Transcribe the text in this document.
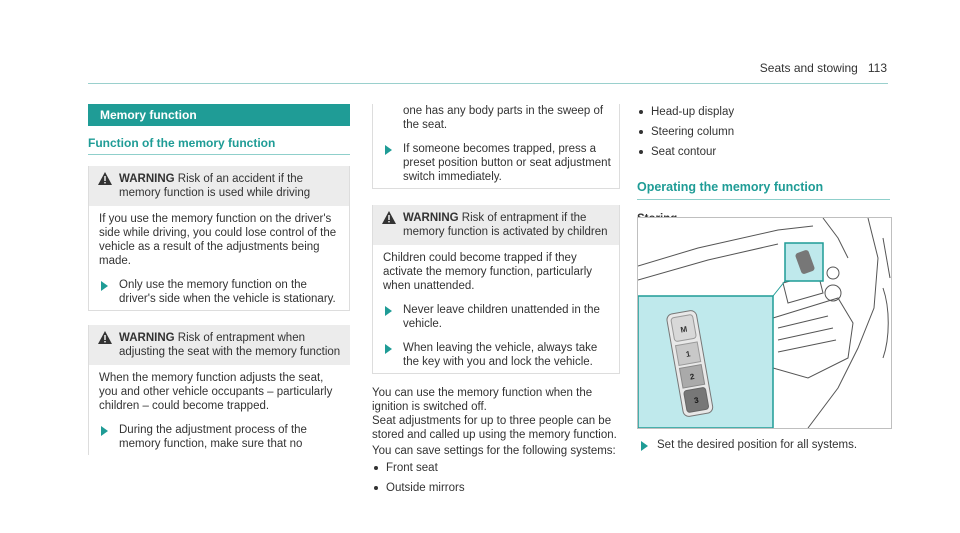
Seats and stowing 113
Memory function
Function of the memory function
WARNING Risk of an accident if the memory function is used while driving
If you use the memory function on the driver's side while driving, you could lose control of the vehicle as a result of the adjustments being made.
Only use the memory function on the driver's side when the vehicle is stationary.
WARNING Risk of entrapment when adjusting the seat with the memory function
When the memory function adjusts the seat, you and other vehicle occupants – particularly children – could become trapped.
During the adjustment process of the memory function, make sure that no
one has any body parts in the sweep of the seat.
If someone becomes trapped, press a preset position button or seat adjustment switch immediately.
WARNING Risk of entrapment if the memory function is activated by children
Children could become trapped if they activate the memory function, particularly when unattended.
Never leave children unattended in the vehicle.
When leaving the vehicle, always take the key with you and lock the vehicle.

You can use the memory function when the ignition is switched off.

Seat adjustments for up to three people can be stored and called up using the memory function.

You can save settings for the following systems:

Front seat
Outside mirrors
Head-up display
Steering column
Seat contour
Operating the memory function
M
1
2
3
Set the desired position for all systems.
